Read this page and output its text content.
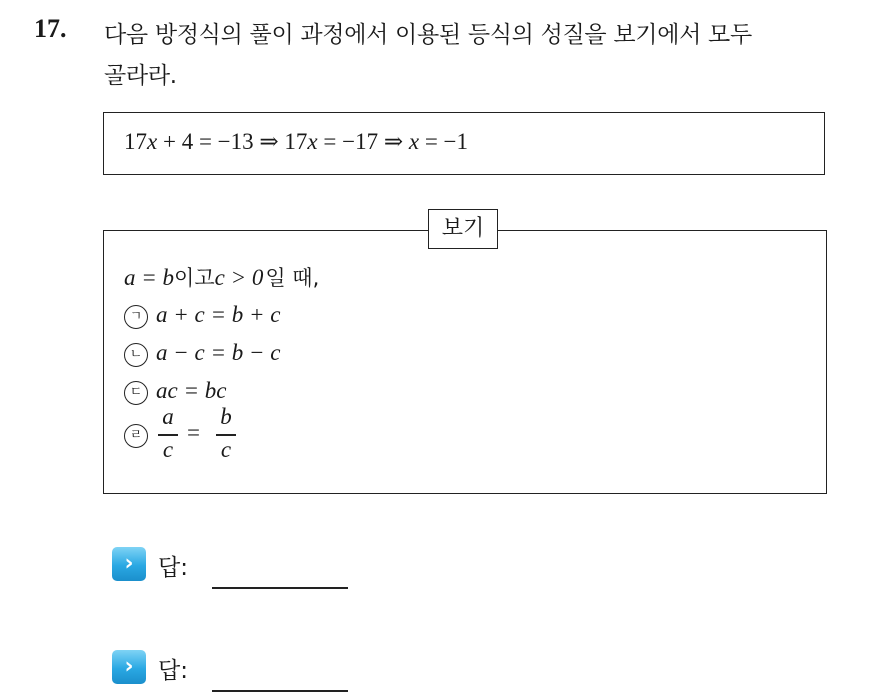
17. 다음 방정식의 풀이 과정에서 이용된 등식의 성질을 보기에서 모두
골라라.
17x + 4 = −13 ⇒ 17x = −17 ⇒ x = −1
보기
a = b이고c > 0일 때,
ㄱ a + c = b + c
ㄴ a − c = b − c
ㄷ ac = bc
ㄹ
a
c
=
b
c
›	답:
›	답:
